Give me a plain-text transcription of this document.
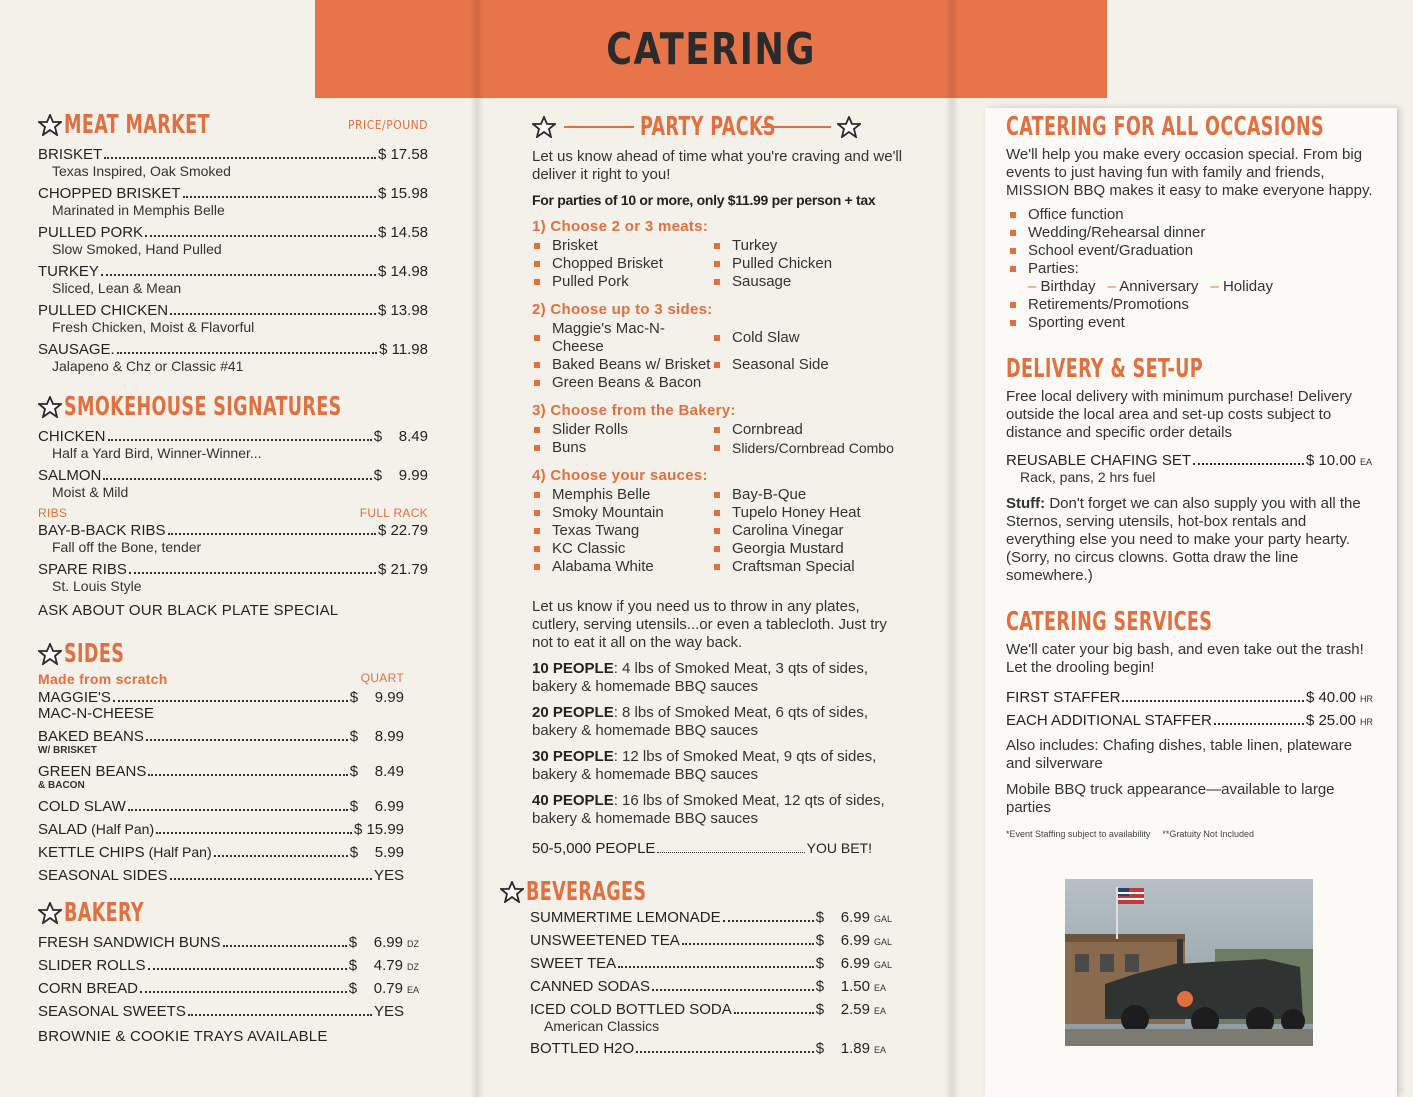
CATERING
MEAT MARKET	PRICE/POUND
BRISKET	$ 17.58
Texas Inspired, Oak Smoked
CHOPPED BRISKET	$ 15.98
Marinated in Memphis Belle
PULLED PORK	$ 14.58
Slow Smoked, Hand Pulled
TURKEY	$ 14.98
Sliced, Lean & Mean
PULLED CHICKEN	$ 13.98
Fresh Chicken, Moist & Flavorful
SAUSAGE.	$ 11.98
Jalapeno & Chz or Classic #41
SMOKEHOUSE SIGNATURES
CHICKEN	$    8.49
Half a Yard Bird, Winner-Winner...
SALMON	$    9.99
Moist & Mild
RIBS	FULL RACK
BAY-B-BACK RIBS	$ 22.79
Fall off the Bone, tender
SPARE RIBS	$ 21.79
St. Louis Style
ASK ABOUT OUR BLACK PLATE SPECIAL
SIDES
Made from scratch	QUART
MAGGIE'S	$    9.99
MAC-N-CHEESE
BAKED BEANS	$    8.99
W/ BRISKET
GREEN BEANS	$    8.49
& BACON
COLD SLAW	$    6.99
SALAD (Half Pan)	$ 15.99
KETTLE CHIPS (Half Pan)	$    5.99
SEASONAL SIDES	YES
BAKERY
FRESH SANDWICH BUNS	$    6.99 DZ
SLIDER ROLLS	$    4.79 DZ
CORN BREAD	$    0.79 EA
SEASONAL SWEETS	YES
BROWNIE & COOKIE TRAYS AVAILABLE
PARTY PACKS
Let us know ahead of time what you're craving and we'll deliver it right to you!
For parties of 10 or more, only $11.99 per person + tax
1) Choose 2 or 3 meats:
Brisket	Turkey
Chopped Brisket	Pulled Chicken
Pulled Pork	Sausage
2) Choose up to 3 sides:
Maggie's Mac-N-Cheese
Cold Slaw
Baked Beans w/ Brisket	Seasonal Side
Green Beans & Bacon
3) Choose from the Bakery:
Slider Rolls	Cornbread
Buns	Sliders/Cornbread Combo
4) Choose your sauces:
Memphis Belle	Bay-B-Que
Smoky Mountain	Tupelo Honey Heat
Texas Twang	Carolina Vinegar
KC Classic	Georgia Mustard
Alabama White	Craftsman Special
Let us know if you need us to throw in any plates, cutlery, serving utensils...or even a tablecloth. Just try not to eat it all on the way back.
10 PEOPLE: 4 lbs of Smoked Meat, 3 qts of sides, bakery & homemade BBQ sauces
20 PEOPLE: 8 lbs of Smoked Meat, 6 qts of sides, bakery & homemade BBQ sauces
30 PEOPLE: 12 lbs of Smoked Meat, 9 qts of sides, bakery & homemade BBQ sauces
40 PEOPLE: 16 lbs of Smoked Meat, 12 qts of sides, bakery & homemade BBQ sauces
50-5,000 PEOPLE	YOU BET!
BEVERAGES
SUMMERTIME LEMONADE	$    6.99 GAL
UNSWEETENED TEA	$    6.99 GAL
SWEET TEA	$    6.99 GAL
CANNED SODAS	$    1.50 EA
ICED COLD BOTTLED SODA	$    2.59 EA
American Classics
BOTTLED H2O	$    1.89 EA
CATERING FOR ALL OCCASIONS
We'll help you make every occasion special. From big events to just having fun with family and friends, MISSION BBQ makes it easy to make everyone happy.
Office function
Wedding/Rehearsal dinner
School event/Graduation
Parties:
– Birthday – Anniversary – Holiday
Retirements/Promotions
Sporting event
DELIVERY & SET-UP
Free local delivery with minimum purchase! Delivery outside the local area and set-up costs subject to distance and specific order details
REUSABLE CHAFING SET	$ 10.00 EA
Rack, pans, 2 hrs fuel
Stuff: Don't forget we can also supply you with all the Sternos, serving utensils, hot-box rentals and everything else you need to make your party hearty. (Sorry, no circus clowns. Gotta draw the line somewhere.)
CATERING SERVICES
We'll cater your big bash, and even take out the trash! Let the drooling begin!
FIRST STAFFER	$ 40.00 HR
EACH ADDITIONAL STAFFER	$ 25.00 HR
Also includes: Chafing dishes, table linen, plateware and silverware
Mobile BBQ truck appearance—available to large parties
*Event Staffing subject to availability **Gratuity Not Included
